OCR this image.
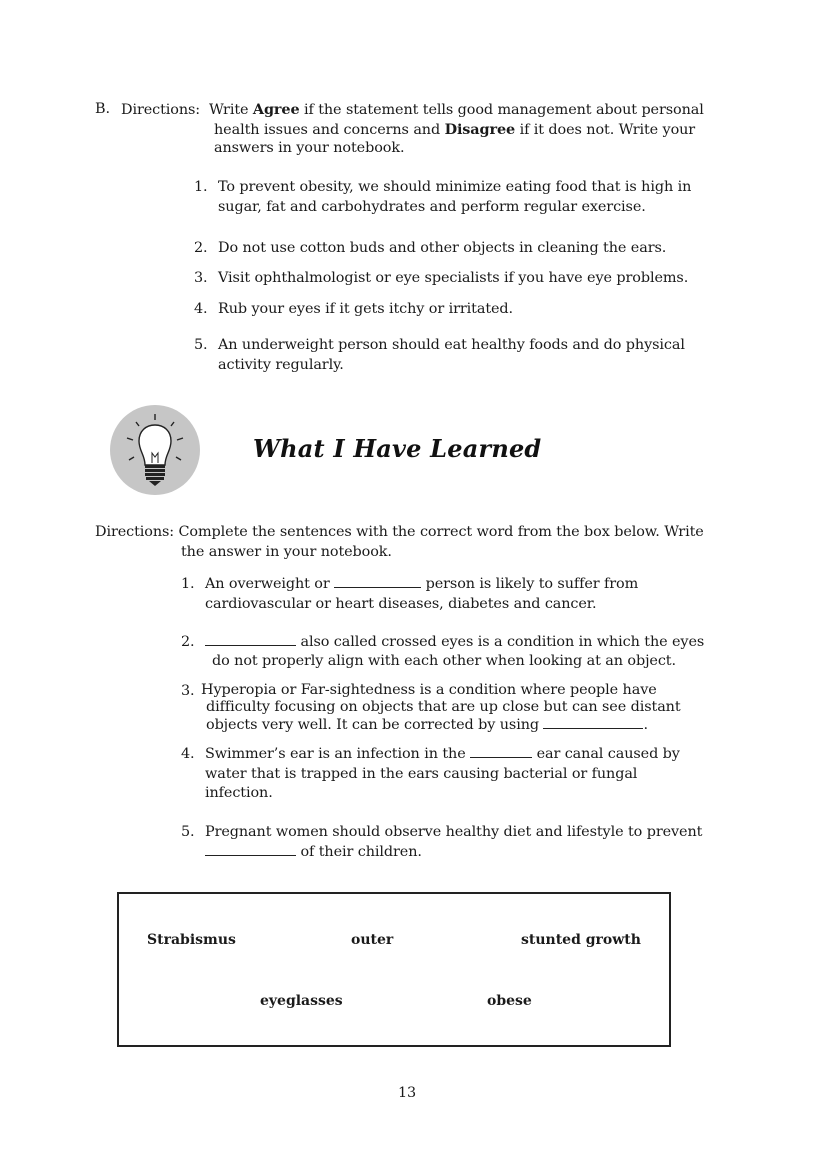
B. Directions: Write Agree if the statement tells good management about personal
health issues and concerns and Disagree if it does not. Write your
answers in your notebook.
1. To prevent obesity, we should minimize eating food that is high in
sugar, fat and carbohydrates and perform regular exercise.
2. Do not use cotton buds and other objects in cleaning the ears.
3. Visit ophthalmologist or eye specialists if you have eye problems.
4. Rub your eyes if it gets itchy or irritated.
5. An underweight person should eat healthy foods and do physical
activity regularly.
What I Have Learned
Directions: Complete the sentences with the correct word from the box below. Write
the answer in your notebook.
1. An overweight or	person is likely to suffer from
cardiovascular or heart diseases, diabetes and cancer.
2.	also called crossed eyes is a condition in which the eyes
do not properly align with each other when looking at an object.
3. Hyperopia or Far-sightedness is a condition where people have
difficulty focusing on objects that are up close but can see distant
objects very well. It can be corrected by using	.
4. Swimmer’s ear is an infection in the	ear canal caused by
water that is trapped in the ears causing bacterial or fungal
infection.
5. Pregnant women should observe healthy diet and lifestyle to prevent
of their children.
Strabismus	outer	stunted growth
eyeglasses	obese
13
